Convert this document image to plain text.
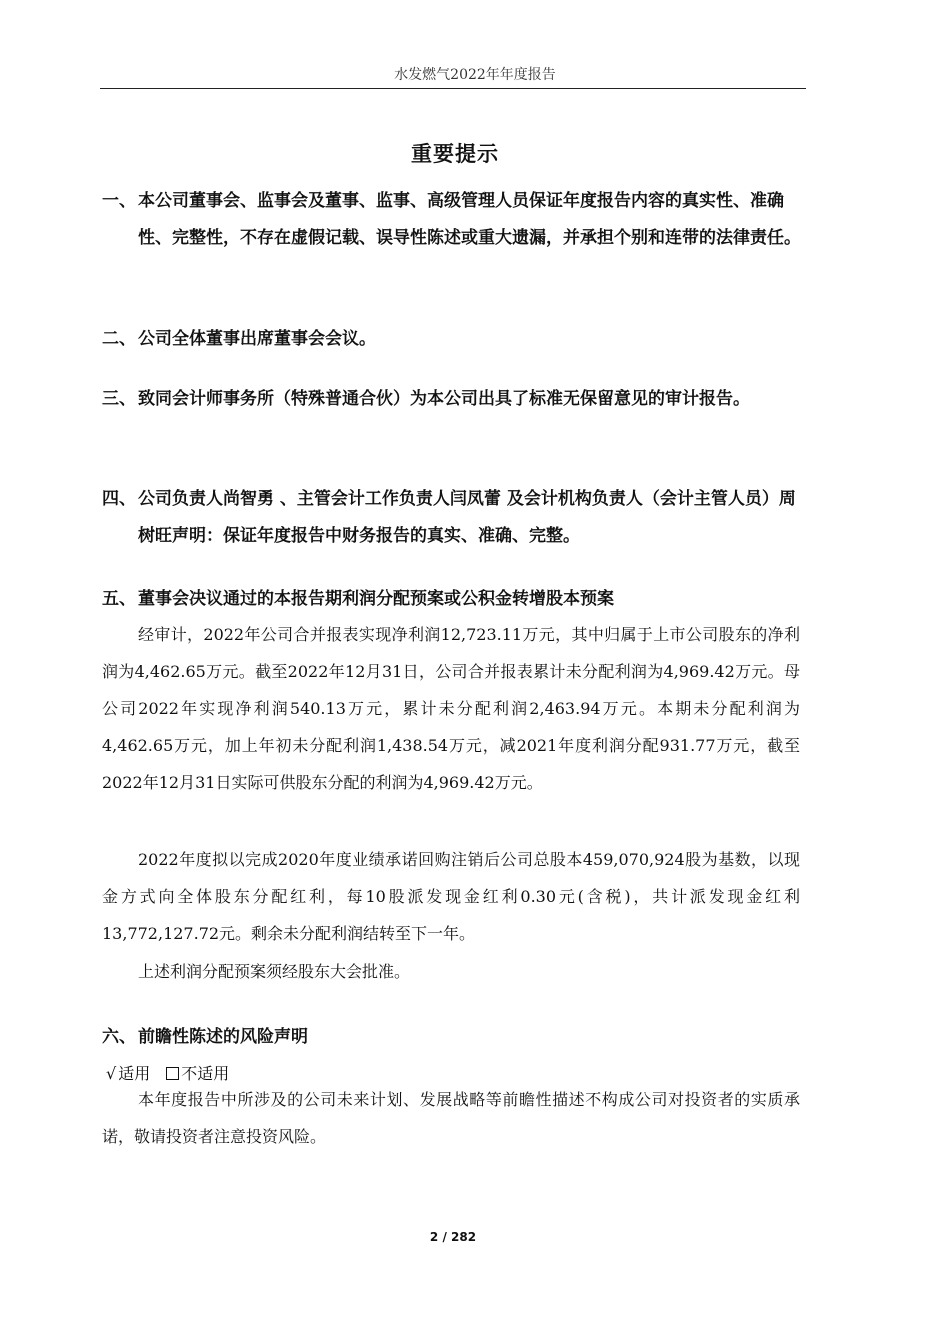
水发燃气2022年年度报告
重要提示
一、 本公司董事会、监事会及董事、监事、高级管理人员保证年度报告内容的真实性、准确性、完整性，不存在虚假记载、误导性陈述或重大遗漏，并承担个别和连带的法律责任。
二、 公司全体董事出席董事会会议。
三、 致同会计师事务所（特殊普通合伙）为本公司出具了标准无保留意见的审计报告。
四、 公司负责人尚智勇 、主管会计工作负责人闫凤蕾 及会计机构负责人（会计主管人员）周树旺声明：保证年度报告中财务报告的真实、准确、完整。
五、 董事会决议通过的本报告期利润分配预案或公积金转增股本预案
经审计，2022年公司合并报表实现净利润12,723.11万元，其中归属于上市公司股东的净利润为4,462.65万元。截至2022年12月31日，公司合并报表累计未分配利润为4,969.42万元。母公司2022年实现净利润540.13万元，累计未分配利润2,463.94万元。本期未分配利润为4,462.65万元，加上年初未分配利润1,438.54万元，减2021年度利润分配931.77万元，截至2022年12月31日实际可供股东分配的利润为4,969.42万元。
2022年度拟以完成2020年度业绩承诺回购注销后公司总股本459,070,924股为基数，以现金方式向全体股东分配红利，每10股派发现金红利0.30元(含税)，共计派发现金红利13,772,127.72元。剩余未分配利润结转至下一年。
上述利润分配预案须经股东大会批准。
六、 前瞻性陈述的风险声明
√ 适用 不适用
本年度报告中所涉及的公司未来计划、发展战略等前瞻性描述不构成公司对投资者的实质承诺，敬请投资者注意投资风险。
2 / 282
